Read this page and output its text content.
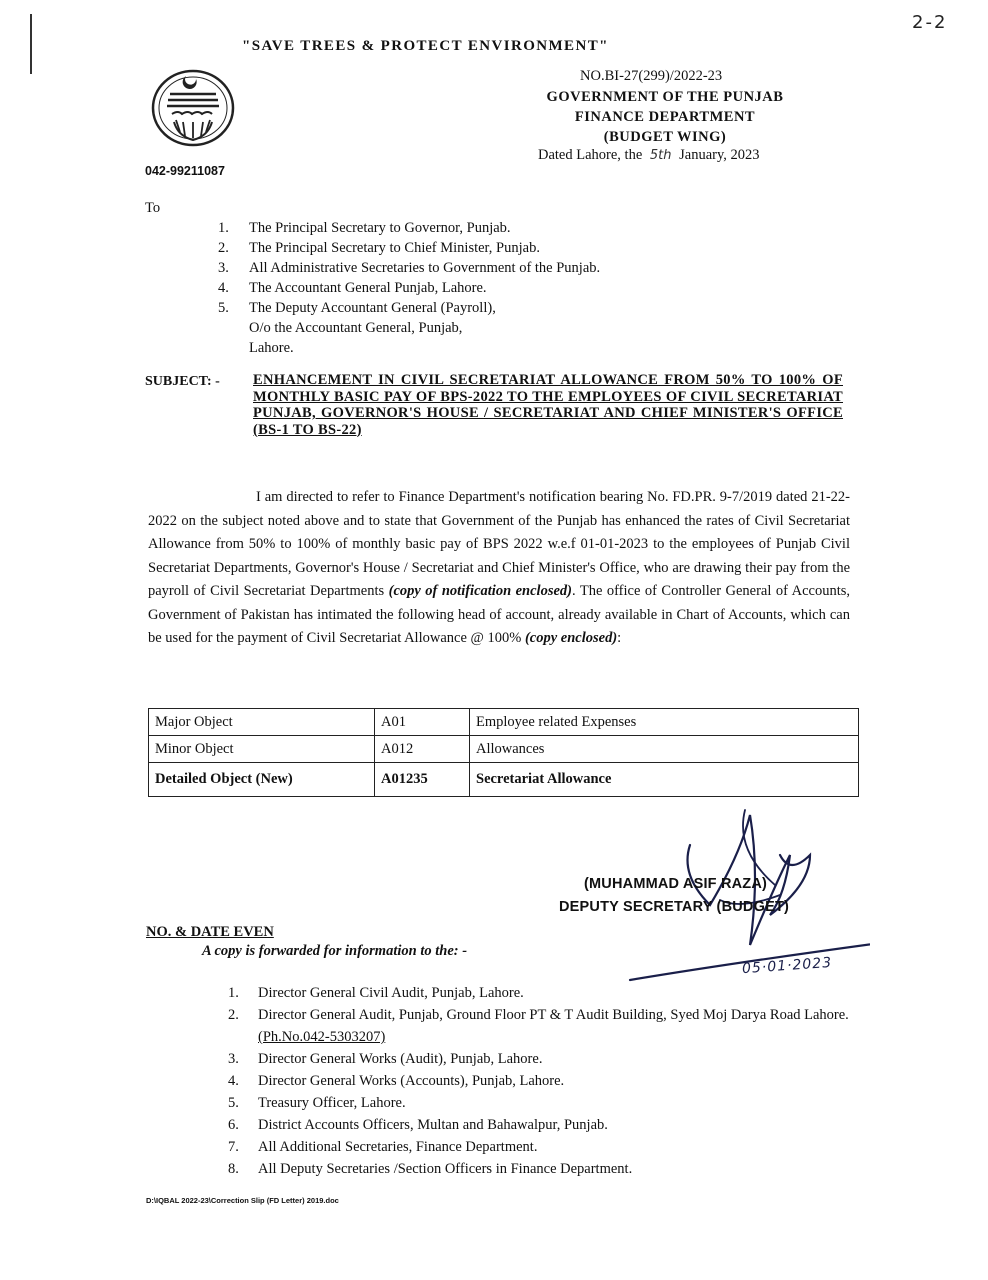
2-2
"SAVE TREES & PROTECT ENVIRONMENT"
042-99211087
NO.BI-27(299)/2022-23
GOVERNMENT OF THE PUNJAB
FINANCE DEPARTMENT
(BUDGET WING)
Dated Lahore, the 5th January, 2023
To
1.	The Principal Secretary to Governor, Punjab.
2.	The Principal Secretary to Chief Minister, Punjab.
3.	All Administrative Secretaries to Government of the Punjab.
4.	The Accountant General Punjab, Lahore.
5.	The Deputy Accountant General (Payroll),
O/o the Accountant General, Punjab,
Lahore.
SUBJECT: - ENHANCEMENT IN CIVIL SECRETARIAT ALLOWANCE FROM 50% TO 100% OF MONTHLY BASIC PAY OF BPS-2022 TO THE EMPLOYEES OF CIVIL SECRETARIAT PUNJAB, GOVERNOR'S HOUSE / SECRETARIAT AND CHIEF MINISTER'S OFFICE (BS-1 TO BS-22)

I am directed to refer to Finance Department's notification bearing No. FD.PR. 9-7/2019 dated 21-22-2022 on the subject noted above and to state that Government of the Punjab has enhanced the rates of Civil Secretariat Allowance from 50% to 100% of monthly basic pay of BPS 2022 w.e.f 01-01-2023 to the employees of Punjab Civil Secretariat Departments, Governor's House / Secretariat and Chief Minister's Office, who are drawing their pay from the payroll of Civil Secretariat Departments (copy of notification enclosed). The office of Controller General of Accounts, Government of Pakistan has intimated the following head of account, already available in Chart of Accounts, which can be used for the payment of Civil Secretariat Allowance @ 100% (copy enclosed):

Major Object	A01	Employee related Expenses
Minor Object	A012	Allowances
Detailed Object (New)	A01235	Secretariat Allowance
(MUHAMMAD ASIF RAZA)
DEPUTY SECRETARY (BUDGET)
05·01·2023
NO. & DATE EVEN
A copy is forwarded for information to the: -
1.	Director General Civil Audit, Punjab, Lahore.
2.	Director General Audit, Punjab, Ground Floor PT & T Audit Building, Syed Moj Darya Road Lahore. (Ph.No.042-5303207)
3.	Director General Works (Audit), Punjab, Lahore.
4.	Director General Works (Accounts), Punjab, Lahore.
5.	Treasury Officer, Lahore.
6.	District Accounts Officers, Multan and Bahawalpur, Punjab.
7.	All Additional Secretaries, Finance Department.
8.	All Deputy Secretaries /Section Officers in Finance Department.
D:\IQBAL 2022-23\Correction Slip (FD Letter) 2019.doc
